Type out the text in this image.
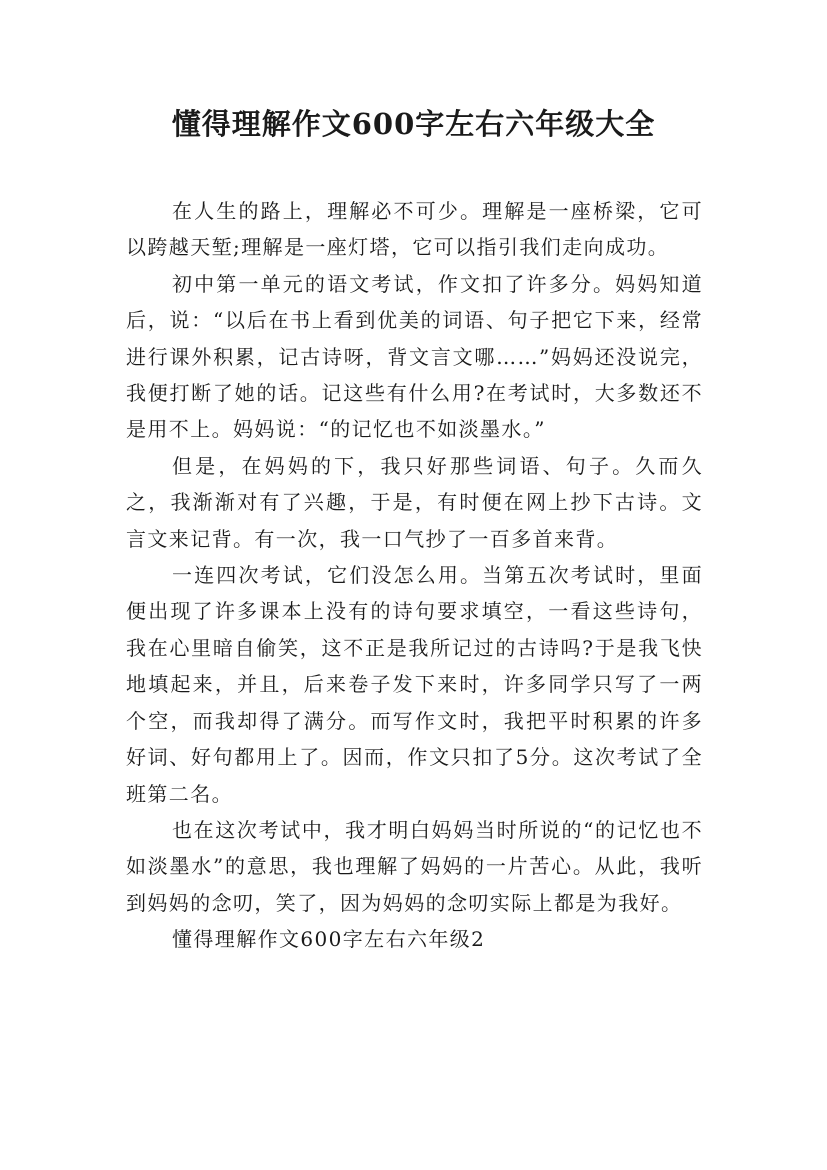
懂得理解作文600字左右六年级大全

在人生的路上，理解必不可少。理解是一座桥梁，它可以跨越天堑;理解是一座灯塔，它可以指引我们走向成功。

初中第一单元的语文考试，作文扣了许多分。妈妈知道后，说：“以后在书上看到优美的词语、句子把它下来，经常进行课外积累，记古诗呀，背文言文哪……”妈妈还没说完，我便打断了她的话。记这些有什么用?在考试时，大多数还不是用不上。妈妈说：“的记忆也不如淡墨水。”

但是，在妈妈的下，我只好那些词语、句子。久而久之，我渐渐对有了兴趣，于是，有时便在网上抄下古诗。文言文来记背。有一次，我一口气抄了一百多首来背。

一连四次考试，它们没怎么用。当第五次考试时，里面便出现了许多课本上没有的诗句要求填空，一看这些诗句，我在心里暗自偷笑，这不正是我所记过的古诗吗?于是我飞快地填起来，并且，后来卷子发下来时，许多同学只写了一两个空，而我却得了满分。而写作文时，我把平时积累的许多好词、好句都用上了。因而，作文只扣了5分。这次考试了全班第二名。

也在这次考试中，我才明白妈妈当时所说的“的记忆也不如淡墨水”的意思，我也理解了妈妈的一片苦心。从此，我听到妈妈的念叨，笑了，因为妈妈的念叨实际上都是为我好。

懂得理解作文600字左右六年级2
